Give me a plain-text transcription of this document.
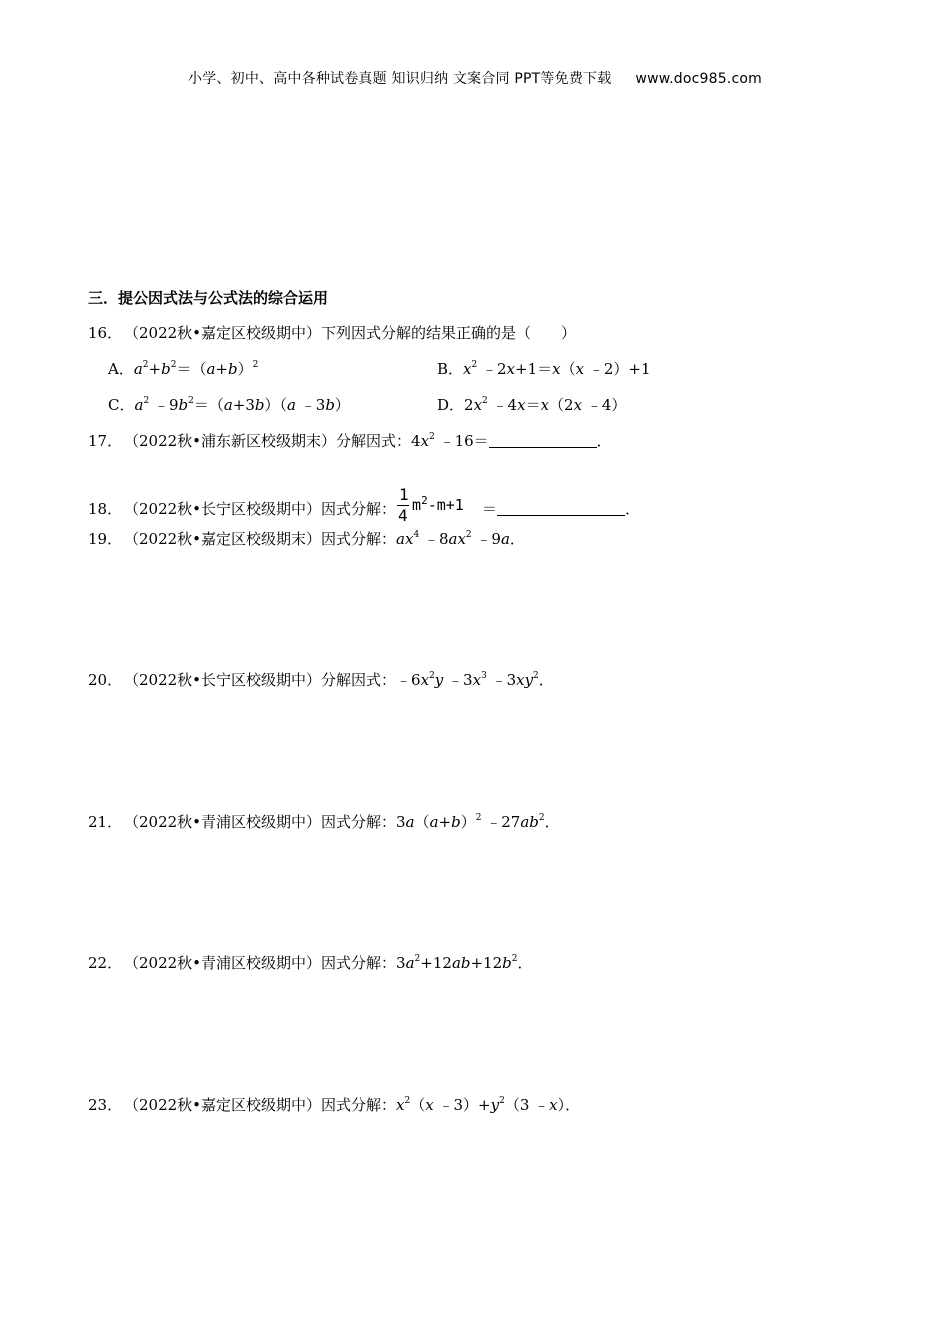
小学、初中、高中各种试卷真题 知识归纳 文案合同 PPT等免费下载 www.doc985.com
三．提公因式法与公式法的综合运用
16． （2022秋•嘉定区校级期中）下列因式分解的结果正确的是（　　）
A．$a^2+b^2=(a+b)^2$	B．$x^2$ ﹣2x+1＝x（x ﹣2）+1
C．$a^2$ $﹣9b^2=(a+3b)(a$ ﹣3b）	D．$2x^2$ ﹣4x＝x（2x ﹣4）
17． （2022秋•浦东新区校级期末）分解因式：$4x^2$ ﹣16＝	．
18． （2022秋•长宁区校级期中）因式分解：
1
4
$m^2-m+1$ ＝	．
19． （2022秋•嘉定区校级期末）因式分解：$ax^4$ $﹣8ax^2$ ﹣9a．
20． （2022秋•长宁区校级期中）分解因式：$﹣6x^2y$ $﹣3x^3$ $﹣3xy^2$．
21． （2022秋•青浦区校级期中）因式分解：$3a(a+b)^2$ $﹣27ab^2$．
22． （2022秋•青浦区校级期中）因式分解：$3a^2+12ab+12b^2$．
23． （2022秋•嘉定区校级期中）因式分解：$x^2(x$ $﹣3)+y^2(3$ ﹣x）．
